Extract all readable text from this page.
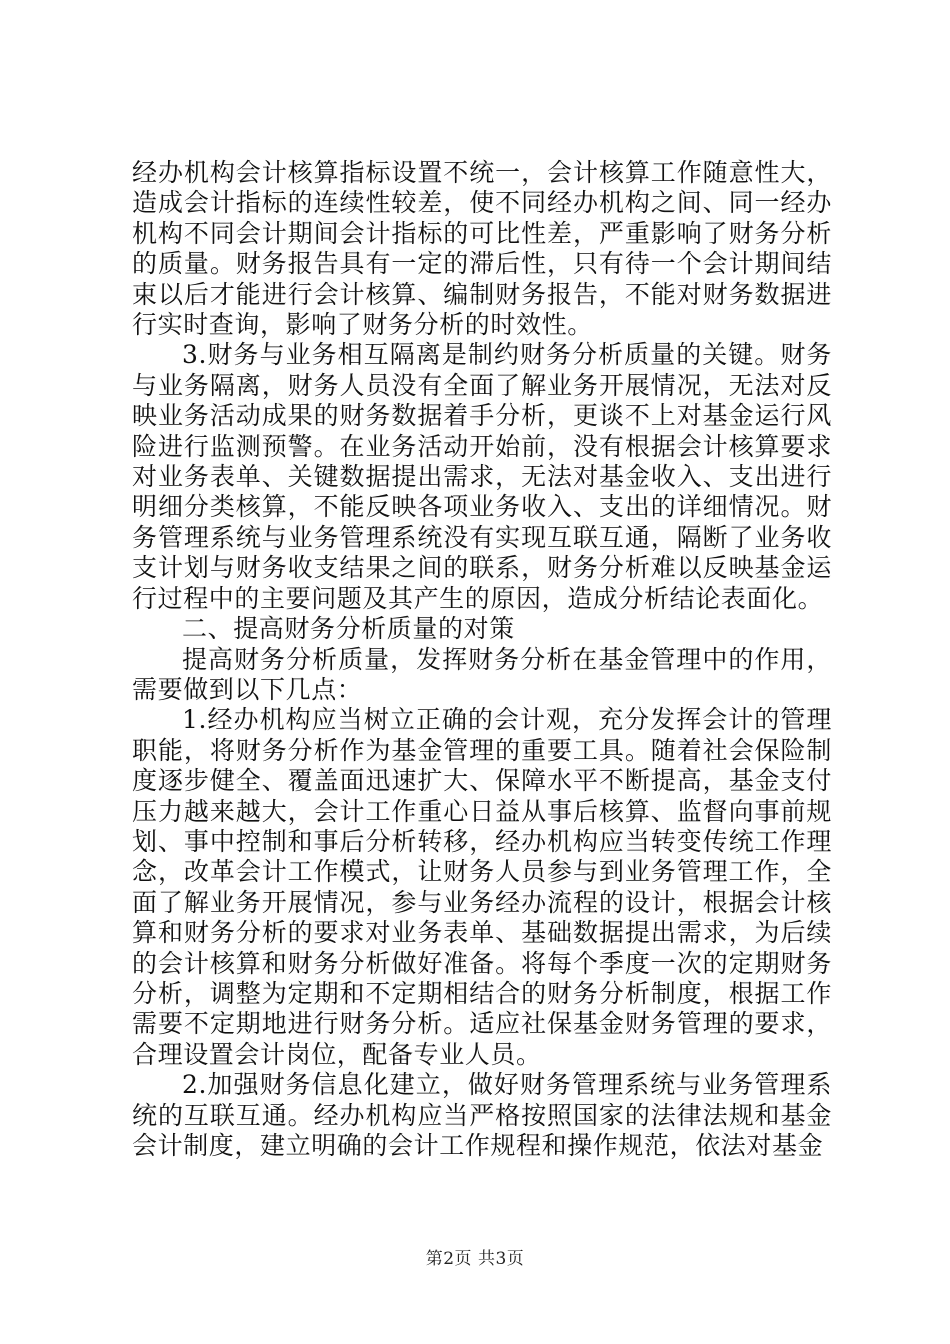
经办机构会计核算指标设置不统一，会计核算工作随意性大，造成会计指标的连续性较差，使不同经办机构之间、同一经办机构不同会计期间会计指标的可比性差，严重影响了财务分析的质量。财务报告具有一定的滞后性，只有待一个会计期间结束以后才能进行会计核算、编制财务报告，不能对财务数据进行实时查询，影响了财务分析的时效性。

3.财务与业务相互隔离是制约财务分析质量的关键。财务与业务隔离，财务人员没有全面了解业务开展情况，无法对反映业务活动成果的财务数据着手分析，更谈不上对基金运行风险进行监测预警。在业务活动开始前，没有根据会计核算要求对业务表单、关键数据提出需求，无法对基金收入、支出进行明细分类核算，不能反映各项业务收入、支出的详细情况。财务管理系统与业务管理系统没有实现互联互通，隔断了业务收支计划与财务收支结果之间的联系，财务分析难以反映基金运行过程中的主要问题及其产生的原因，造成分析结论表面化。

二、提高财务分析质量的对策

提高财务分析质量，发挥财务分析在基金管理中的作用，需要做到以下几点：

1.经办机构应当树立正确的会计观，充分发挥会计的管理职能，将财务分析作为基金管理的重要工具。随着社会保险制度逐步健全、覆盖面迅速扩大、保障水平不断提高，基金支付压力越来越大，会计工作重心日益从事后核算、监督向事前规划、事中控制和事后分析转移，经办机构应当转变传统工作理念，改革会计工作模式，让财务人员参与到业务管理工作，全面了解业务开展情况，参与业务经办流程的设计，根据会计核算和财务分析的要求对业务表单、基础数据提出需求，为后续的会计核算和财务分析做好准备。将每个季度一次的定期财务分析，调整为定期和不定期相结合的财务分析制度，根据工作需要不定期地进行财务分析。适应社保基金财务管理的要求，合理设置会计岗位，配备专业人员。

2.加强财务信息化建立，做好财务管理系统与业务管理系统的互联互通。经办机构应当严格按照国家的法律法规和基金会计制度，建立明确的会计工作规程和操作规范，依法对基金

第2页 共3页
